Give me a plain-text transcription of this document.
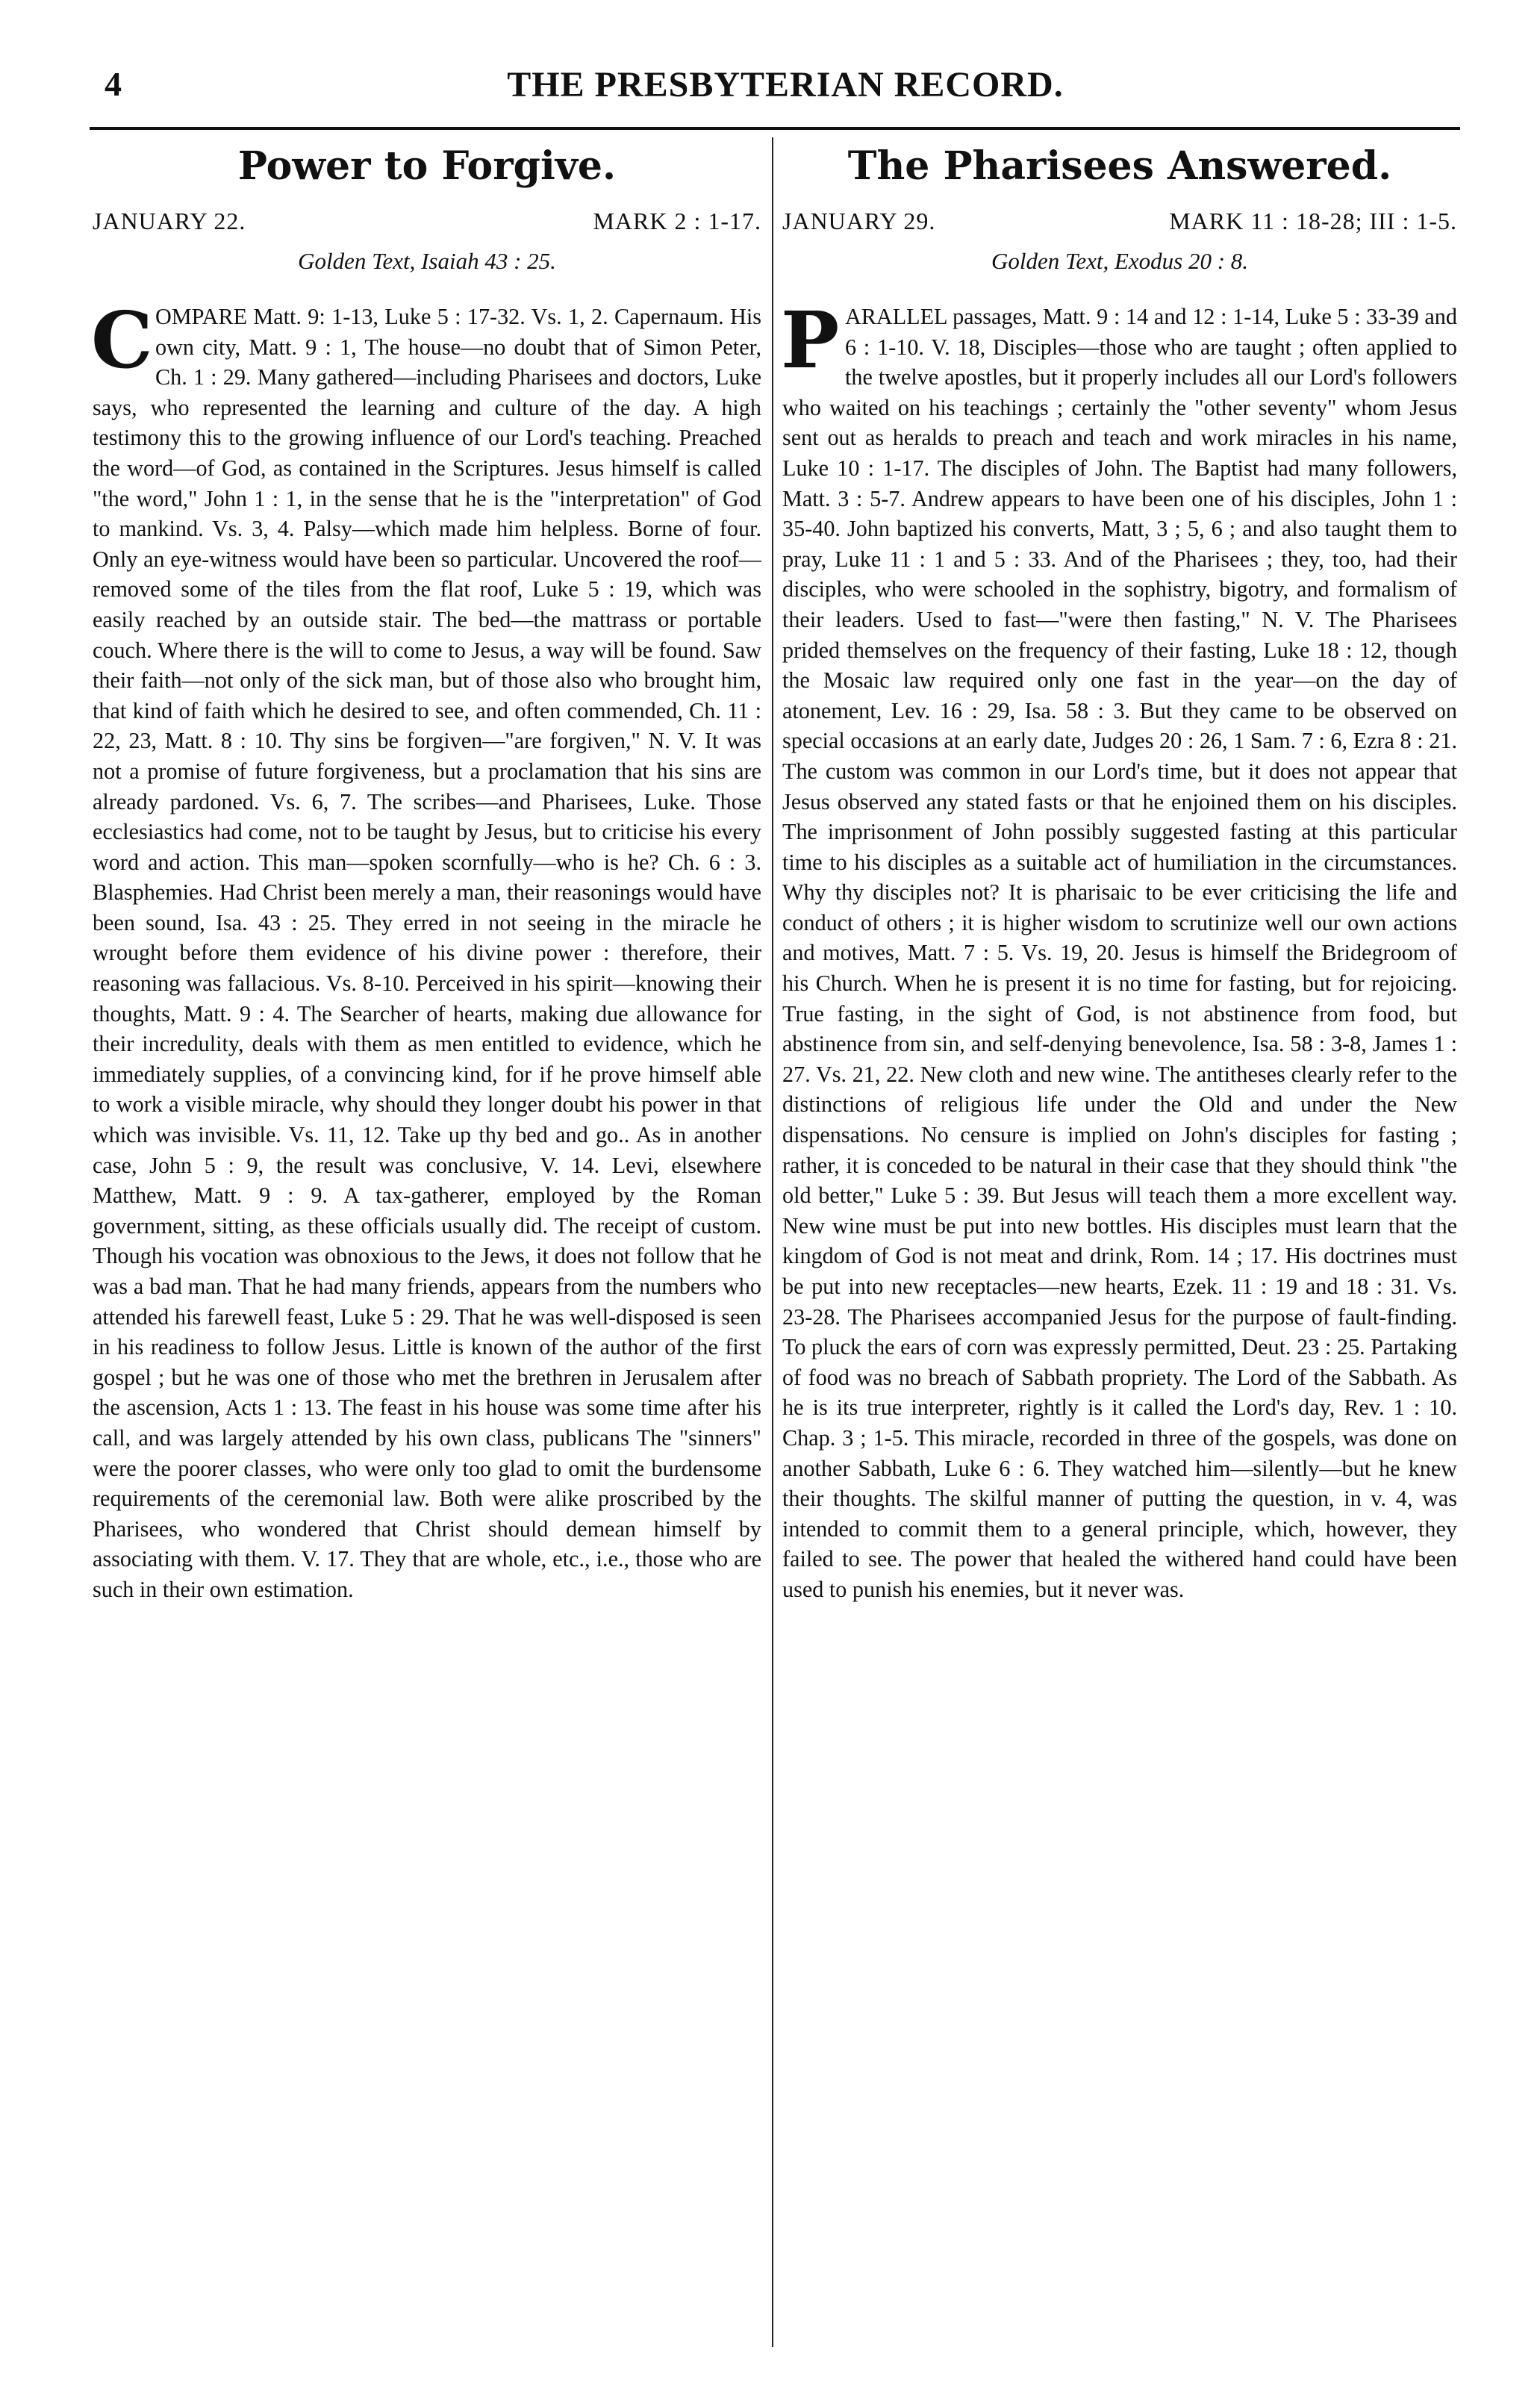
4	THE PRESBYTERIAN RECORD.
Power to Forgive.
JANUARY 22.	MARK 2 : 1-17.
Golden Text, Isaiah 43 : 25.

COMPARE Matt. 9: 1-13, Luke 5 : 17-32. Vs. 1, 2. Capernaum. His own city, Matt. 9 : 1, The house—no doubt that of Simon Peter, Ch. 1 : 29. Many gathered—including Pharisees and doctors, Luke says, who represented the learning and culture of the day. A high testimony this to the growing influence of our Lord's teaching. Preached the word—of God, as contained in the Scriptures. Jesus himself is called "the word," John 1 : 1, in the sense that he is the "interpretation" of God to mankind. Vs. 3, 4. Palsy—which made him helpless. Borne of four. Only an eye-witness would have been so particular. Uncovered the roof—removed some of the tiles from the flat roof, Luke 5 : 19, which was easily reached by an outside stair. The bed—the mattrass or portable couch. Where there is the will to come to Jesus, a way will be found. Saw their faith—not only of the sick man, but of those also who brought him, that kind of faith which he desired to see, and often commended, Ch. 11 : 22, 23, Matt. 8 : 10. Thy sins be forgiven—"are forgiven," N. V. It was not a promise of future forgiveness, but a proclamation that his sins are already pardoned. Vs. 6, 7. The scribes—and Pharisees, Luke. Those ecclesiastics had come, not to be taught by Jesus, but to criticise his every word and action. This man—spoken scornfully—who is he? Ch. 6 : 3. Blasphemies. Had Christ been merely a man, their reasonings would have been sound, Isa. 43 : 25. They erred in not seeing in the miracle he wrought before them evidence of his divine power : therefore, their reasoning was fallacious. Vs. 8-10. Perceived in his spirit—knowing their thoughts, Matt. 9 : 4. The Searcher of hearts, making due allowance for their incredulity, deals with them as men entitled to evidence, which he immediately supplies, of a convincing kind, for if he prove himself able to work a visible miracle, why should they longer doubt his power in that which was invisible. Vs. 11, 12. Take up thy bed and go.. As in another case, John 5 : 9, the result was conclusive, V. 14. Levi, elsewhere Matthew, Matt. 9 : 9. A tax-gatherer, employed by the Roman government, sitting, as these officials usually did. The receipt of custom. Though his vocation was obnoxious to the Jews, it does not follow that he was a bad man. That he had many friends, appears from the numbers who attended his farewell feast, Luke 5 : 29. That he was well-disposed is seen in his readiness to follow Jesus. Little is known of the author of the first gospel ; but he was one of those who met the brethren in Jerusalem after the ascension, Acts 1 : 13. The feast in his house was some time after his call, and was largely attended by his own class, publicans The "sinners" were the poorer classes, who were only too glad to omit the burdensome requirements of the ceremonial law. Both were alike proscribed by the Pharisees, who wondered that Christ should demean himself by associating with them. V. 17. They that are whole, etc., i.e., those who are such in their own estimation.

The Pharisees Answered.
JANUARY 29.	MARK 11 : 18-28; III : 1-5.
Golden Text, Exodus 20 : 8.

PARALLEL passages, Matt. 9 : 14 and 12 : 1-14, Luke 5 : 33-39 and 6 : 1-10. V. 18, Disciples—those who are taught ; often applied to the twelve apostles, but it properly includes all our Lord's followers who waited on his teachings ; certainly the "other seventy" whom Jesus sent out as heralds to preach and teach and work miracles in his name, Luke 10 : 1-17. The disciples of John. The Baptist had many followers, Matt. 3 : 5-7. Andrew appears to have been one of his disciples, John 1 : 35-40. John baptized his converts, Matt, 3 ; 5, 6 ; and also taught them to pray, Luke 11 : 1 and 5 : 33. And of the Pharisees ; they, too, had their disciples, who were schooled in the sophistry, bigotry, and formalism of their leaders. Used to fast—"were then fasting," N. V. The Pharisees prided themselves on the frequency of their fasting, Luke 18 : 12, though the Mosaic law required only one fast in the year—on the day of atonement, Lev. 16 : 29, Isa. 58 : 3. But they came to be observed on special occasions at an early date, Judges 20 : 26, 1 Sam. 7 : 6, Ezra 8 : 21. The custom was common in our Lord's time, but it does not appear that Jesus observed any stated fasts or that he enjoined them on his disciples. The imprisonment of John possibly suggested fasting at this particular time to his disciples as a suitable act of humiliation in the circumstances. Why thy disciples not? It is pharisaic to be ever criticising the life and conduct of others ; it is higher wisdom to scrutinize well our own actions and motives, Matt. 7 : 5. Vs. 19, 20. Jesus is himself the Bridegroom of his Church. When he is present it is no time for fasting, but for rejoicing. True fasting, in the sight of God, is not abstinence from food, but abstinence from sin, and self-denying benevolence, Isa. 58 : 3-8, James 1 : 27. Vs. 21, 22. New cloth and new wine. The antitheses clearly refer to the distinctions of religious life under the Old and under the New dispensations. No censure is implied on John's disciples for fasting ; rather, it is conceded to be natural in their case that they should think "the old better," Luke 5 : 39. But Jesus will teach them a more excellent way. New wine must be put into new bottles. His disciples must learn that the kingdom of God is not meat and drink, Rom. 14 ; 17. His doctrines must be put into new receptacles—new hearts, Ezek. 11 : 19 and 18 : 31. Vs. 23-28. The Pharisees accompanied Jesus for the purpose of fault-finding. To pluck the ears of corn was expressly permitted, Deut. 23 : 25. Partaking of food was no breach of Sabbath propriety. The Lord of the Sabbath. As he is its true interpreter, rightly is it called the Lord's day, Rev. 1 : 10. Chap. 3 ; 1-5. This miracle, recorded in three of the gospels, was done on another Sabbath, Luke 6 : 6. They watched him—silently—but he knew their thoughts. The skilful manner of putting the question, in v. 4, was intended to commit them to a general principle, which, however, they failed to see. The power that healed the withered hand could have been used to punish his enemies, but it never was.
